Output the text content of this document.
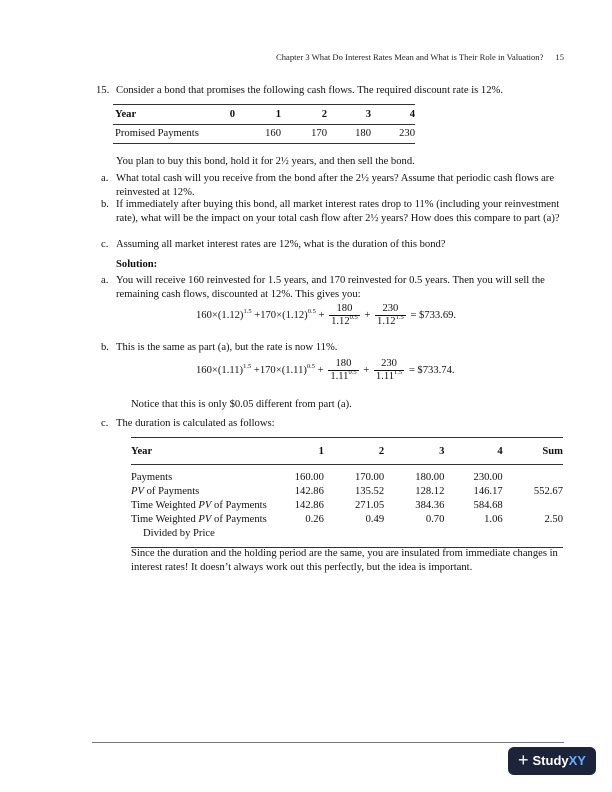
Chapter 3 What Do Interest Rates Mean and What is Their Role in Valuation? 15
15. Consider a bond that promises the following cash flows. The required discount rate is 12%.
Year	0	1	2	3	4
Promised Payments		160	170	180	230
You plan to buy this bond, hold it for 2½ years, and then sell the bond.
a. What total cash will you receive from the bond after the 2½ years? Assume that periodic cash flows are reinvested at 12%.
b. If immediately after buying this bond, all market interest rates drop to 11% (including your reinvestment rate), what will be the impact on your total cash flow after 2½ years? How does this compare to part (a)?
c. Assuming all market interest rates are 12%, what is the duration of this bond?
Solution:
a. You will receive 160 reinvested for 1.5 years, and 170 reinvested for 0.5 years. Then you will sell the remaining cash flows, discounted at 12%. This gives you:
$160\times(1.12)^{1.5} +170\times(1.12)^{0.5} + \frac{180}{1.12^{0.5}} + \frac{230}{1.12^{1.5}}$ = $733.69.
b. This is the same as part (a), but the rate is now 11%.
$160\times(1.11)^{1.5} +170\times(1.11)^{0.5} + \frac{180}{1.11^{0.5}} + \frac{230}{1.11^{1.5}}$ = $733.74.
Notice that this is only $0.05 different from part (a).
c. The duration is calculated as follows:
Year	1	2	3	4	Sum
Payments	160.00	170.00	180.00	230.00	
PV of Payments	142.86	135.52	128.12	146.17	552.67
Time Weighted PV of Payments	142.86	271.05	384.36	584.68	
Time Weighted PV of Payments
Divided by Price	0.26	0.49	0.70	1.06	2.50
Since the duration and the holding period are the same, you are insulated from immediate changes in interest rates! It doesn’t always work out this perfectly, but the idea is important.
+ Study XY
